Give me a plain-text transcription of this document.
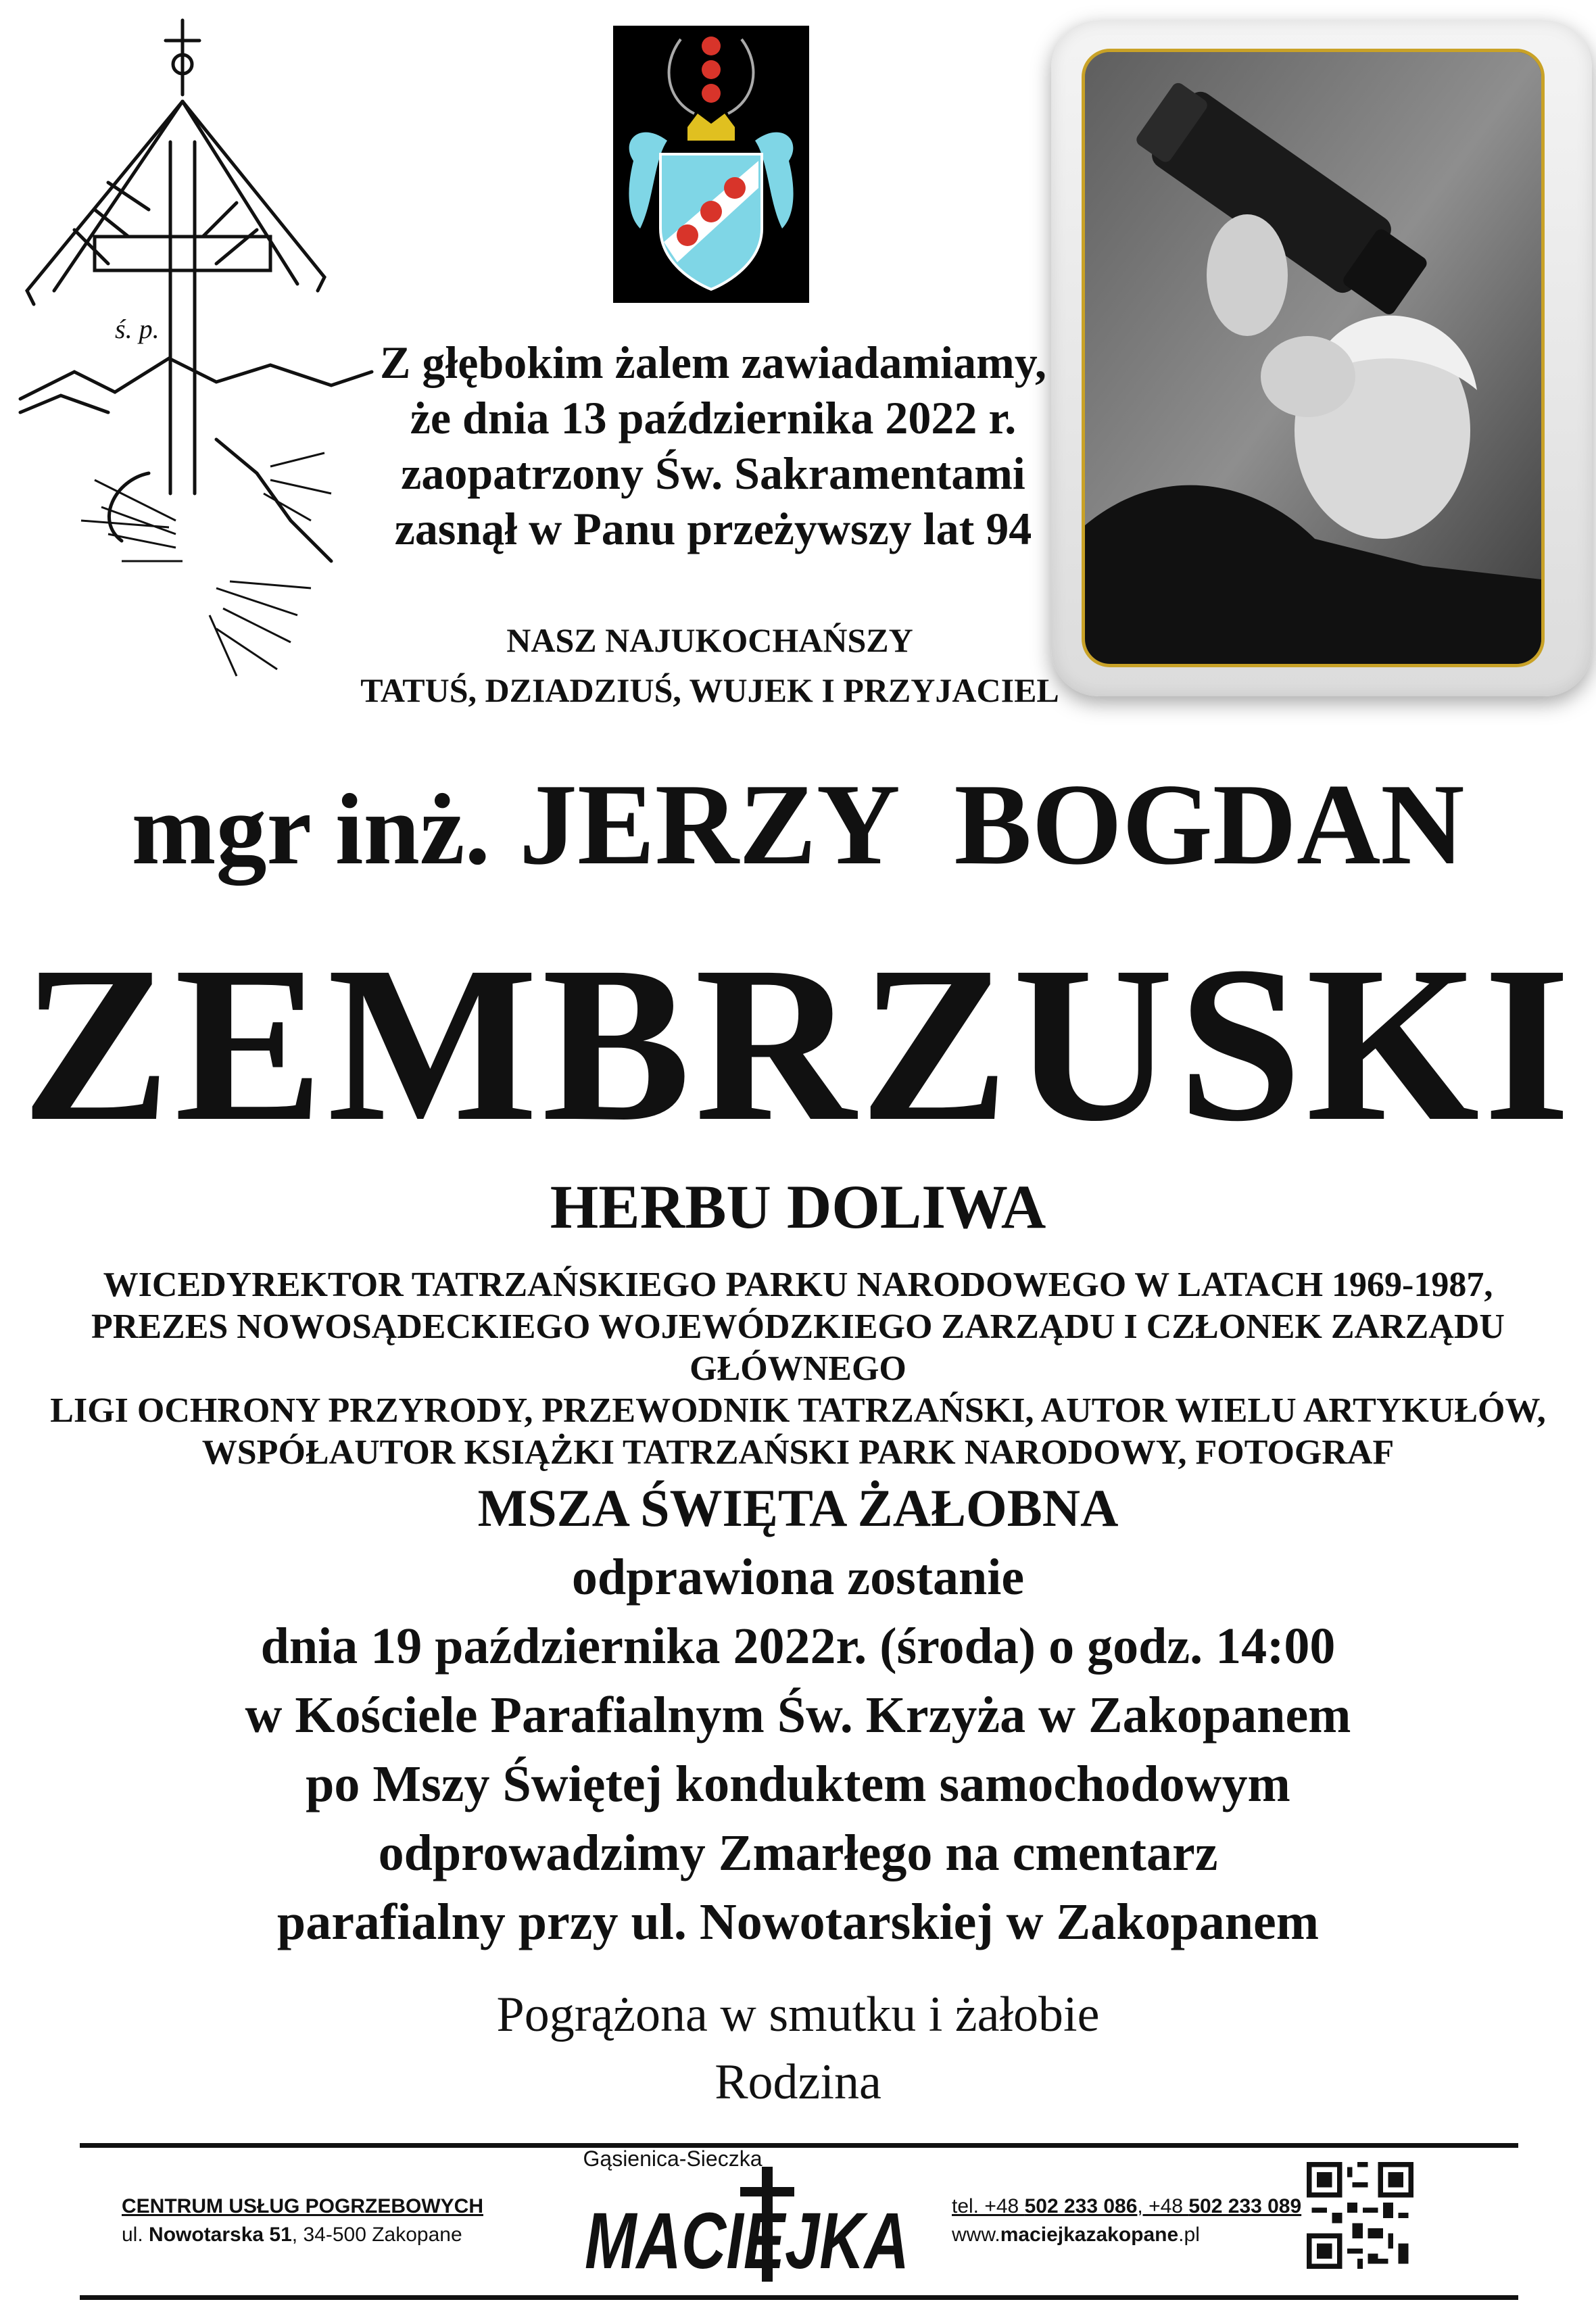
ś. p.
Z głębokim żalem zawiadamiamy,
że dnia 13 października 2022 r.
zaopatrzony Św. Sakramentami
zasnął w Panu przeżywszy lat 94
NASZ NAJUKOCHAŃSZY
TATUŚ, DZIADZIUŚ, WUJEK I PRZYJACIEL
mgr inż. JERZY  BOGDAN
ZEMBRZUSKI
HERBU DOLIWA
WICEDYREKTOR TATRZAŃSKIEGO PARKU NARODOWEGO W LATACH 1969-1987,
PREZES NOWOSĄDECKIEGO WOJEWÓDZKIEGO ZARZĄDU I CZŁONEK ZARZĄDU GŁÓWNEGO
LIGI OCHRONY PRZYRODY, PRZEWODNIK TATRZAŃSKI, AUTOR WIELU ARTYKUŁÓW,
WSPÓŁAUTOR KSIĄŻKI TATRZAŃSKI PARK NARODOWY, FOTOGRAF
MSZA ŚWIĘTA ŻAŁOBNA
odprawiona zostanie
dnia 19 października 2022r. (środa) o godz. 14:00
w Kościele Parafialnym Św. Krzyża w Zakopanem
po Mszy Świętej konduktem samochodowym
odprowadzimy Zmarłego na cmentarz
parafialny przy ul. Nowotarskiej w Zakopanem
Pogrążona w smutku i żałobie
Rodzina
CENTRUM USŁUG POGRZEBOWYCH
ul. Nowotarska 51, 34-500 Zakopane
Gąsienica-Sieczka
MACIEJKA tel. +48 502 233 086, +48 502 233 089
www.maciejkazakopane.pl
